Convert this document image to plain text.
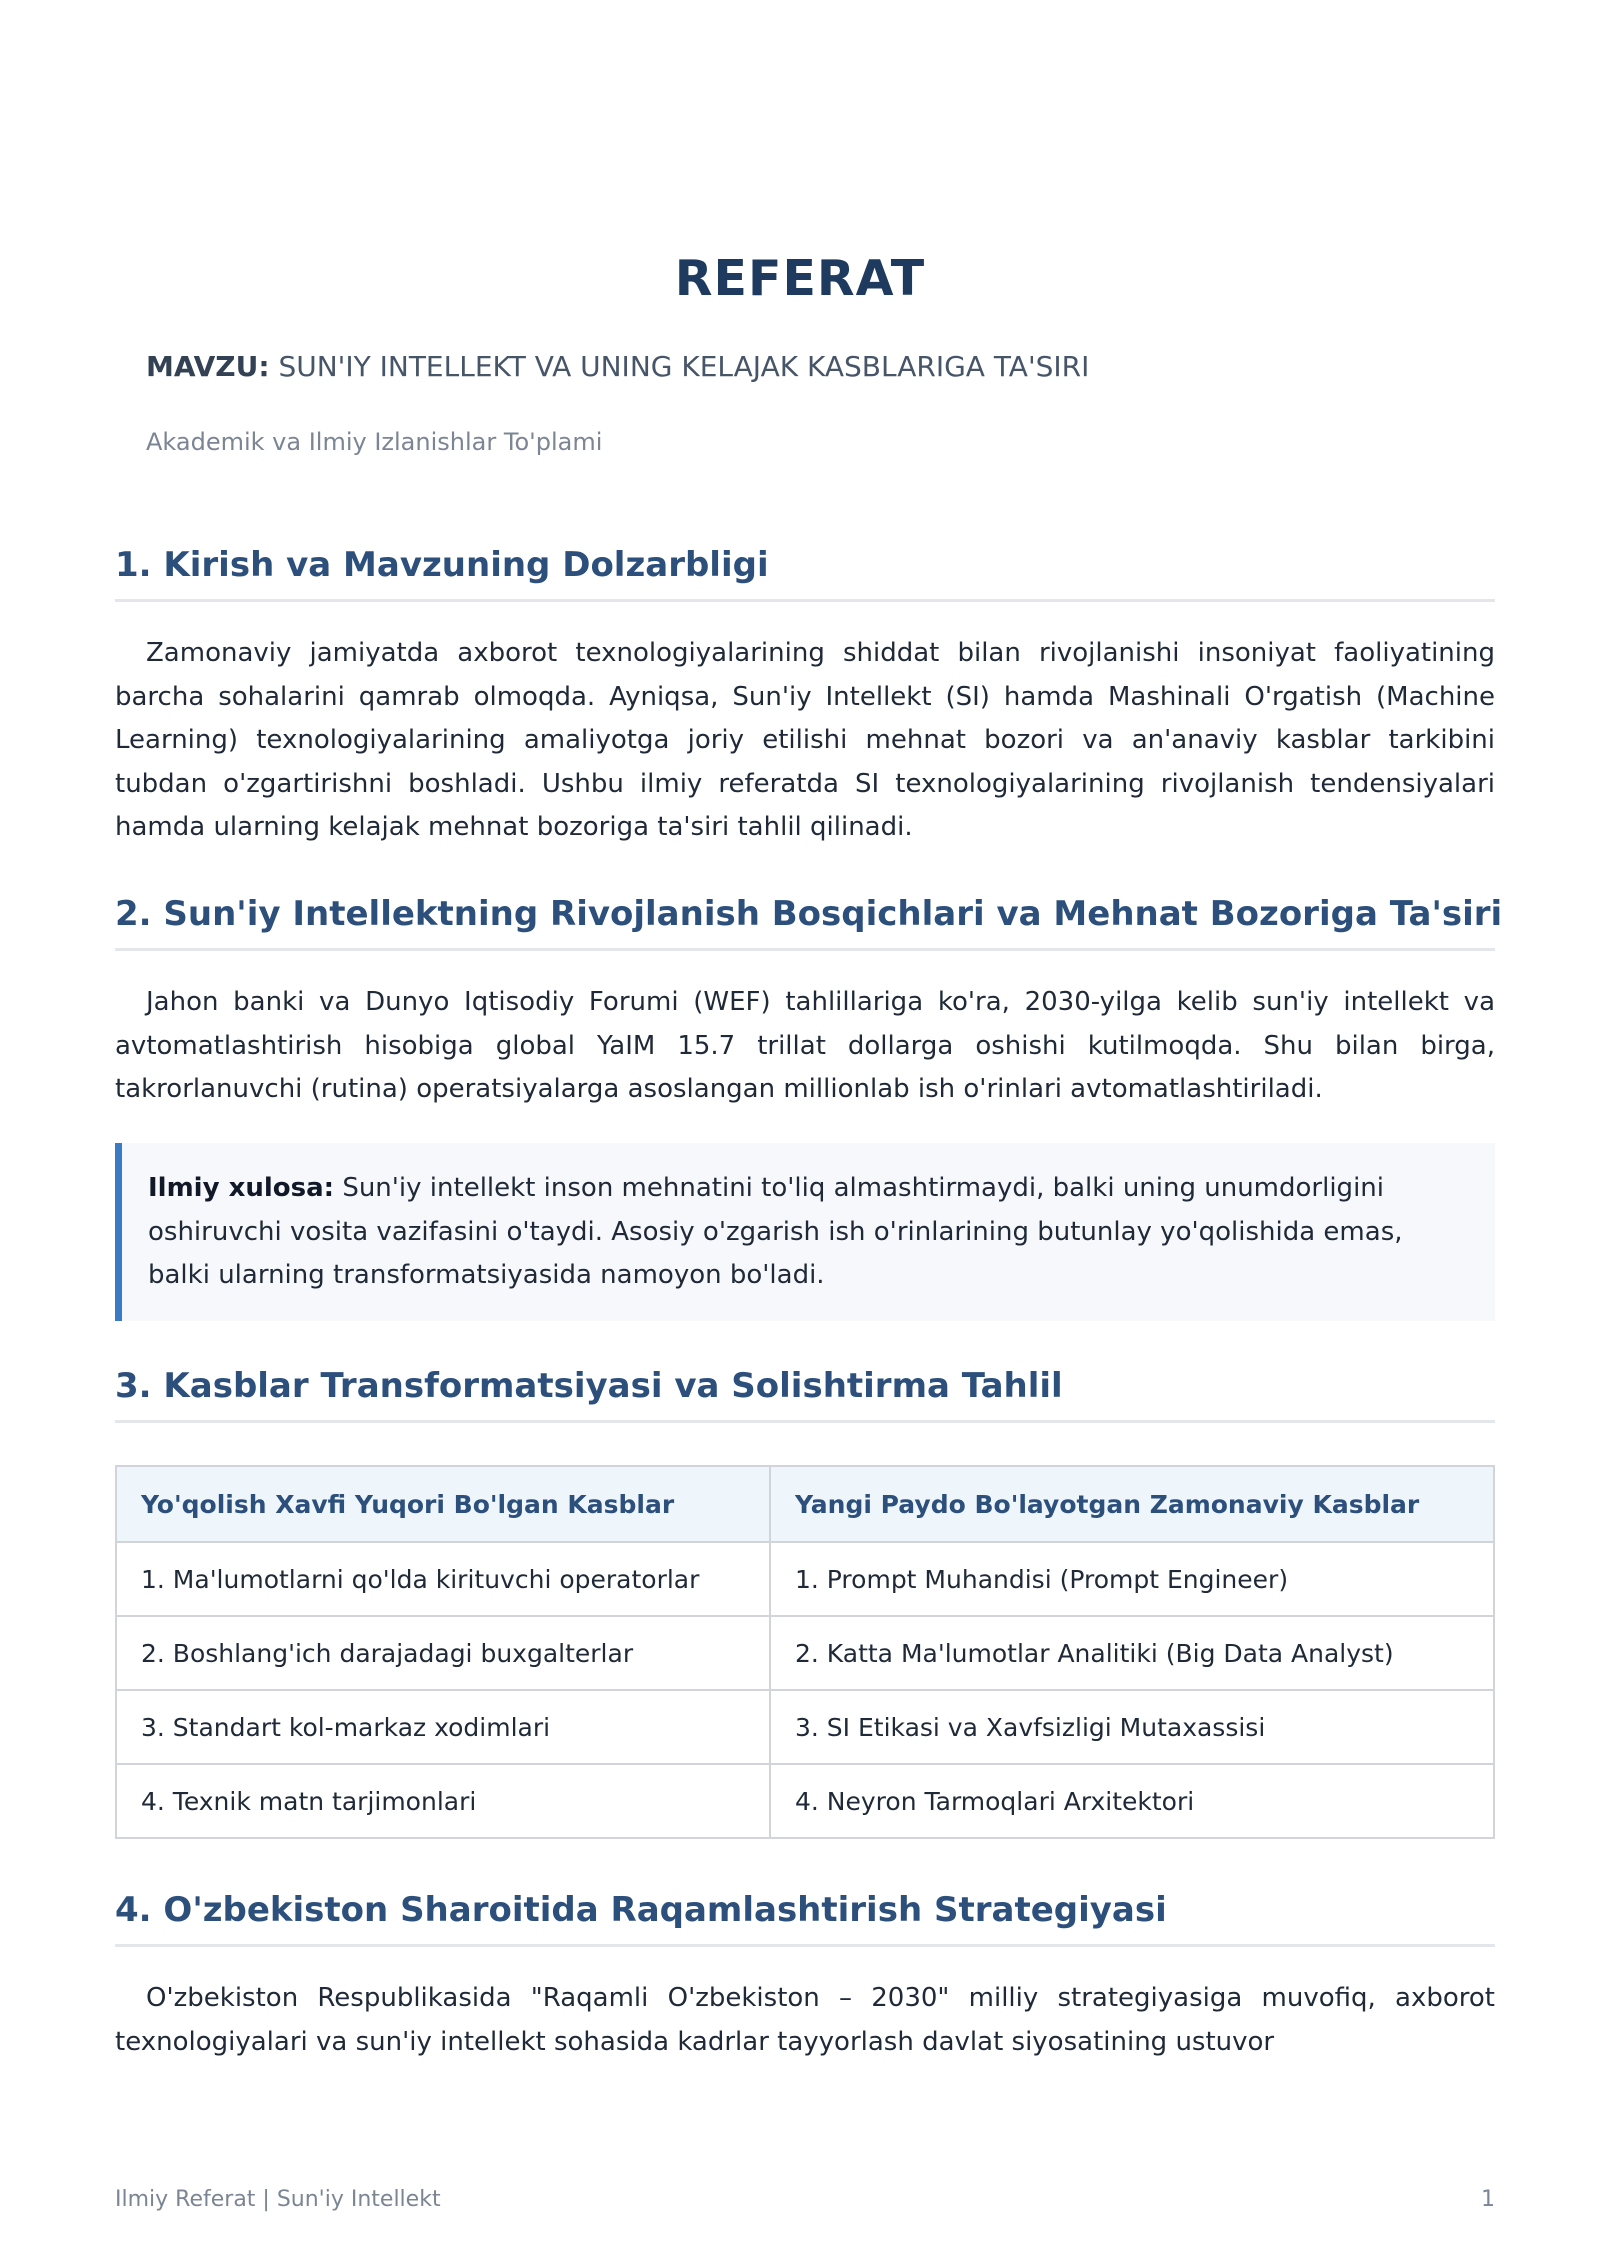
REFERAT
MAVZU: SUN'IY INTELLEKT VA UNING KELAJAK KASBLARIGA TA'SIRI
Akademik va Ilmiy Izlanishlar To'plami
1. Kirish va Mavzuning Dolzarbligi

Zamonaviy jamiyatda axborot texnologiyalarining shiddat bilan rivojlanishi insoniyat faoliyatining barcha sohalarini qamrab olmoqda. Ayniqsa, Sun'iy Intellekt (SI) hamda Mashinali O'rgatish (Machine Learning) texnologiyalarining amaliyotga joriy etilishi mehnat bozori va an'anaviy kasblar tarkibini tubdan o'zgartirishni boshladi. Ushbu ilmiy referatda SI texnologiyalarining rivojlanish tendensiyalari hamda ularning kelajak mehnat bozoriga ta'siri tahlil qilinadi.

2. Sun'iy Intellektning Rivojlanish Bosqichlari va Mehnat Bozoriga Ta'siri

Jahon banki va Dunyo Iqtisodiy Forumi (WEF) tahlillariga ko'ra, 2030-yilga kelib sun'iy intellekt va avtomatlashtirish hisobiga global YaIM 15.7 trillat dollarga oshishi kutilmoqda. Shu bilan birga, takrorlanuvchi (rutina) operatsiyalarga asoslangan millionlab ish o'rinlari avtomatlashtiriladi.

Ilmiy xulosa: Sun'iy intellekt inson mehnatini to'liq almashtirmaydi, balki uning unumdorligini oshiruvchi vosita vazifasini o'taydi. Asosiy o'zgarish ish o'rinlarining butunlay yo'qolishida emas, balki ularning transformatsiyasida namoyon bo'ladi.
3. Kasblar Transformatsiyasi va Solishtirma Tahlil
Yo'qolish Xavfi Yuqori Bo'lgan Kasblar	Yangi Paydo Bo'layotgan Zamonaviy Kasblar
1. Ma'lumotlarni qo'lda kirituvchi operatorlar	1. Prompt Muhandisi (Prompt Engineer)
2. Boshlang'ich darajadagi buxgalterlar	2. Katta Ma'lumotlar Analitiki (Big Data Analyst)
3. Standart kol-markaz xodimlari	3. SI Etikasi va Xavfsizligi Mutaxassisi
4. Texnik matn tarjimonlari	4. Neyron Tarmoqlari Arxitektori
4. O'zbekiston Sharoitida Raqamlashtirish Strategiyasi

O'zbekiston Respublikasida "Raqamli O'zbekiston – 2030" milliy strategiyasiga muvofiq, axborot texnologiyalari va sun'iy intellekt sohasida kadrlar tayyorlash davlat siyosatining ustuvor

Ilmiy Referat | Sun'iy Intellekt	1
